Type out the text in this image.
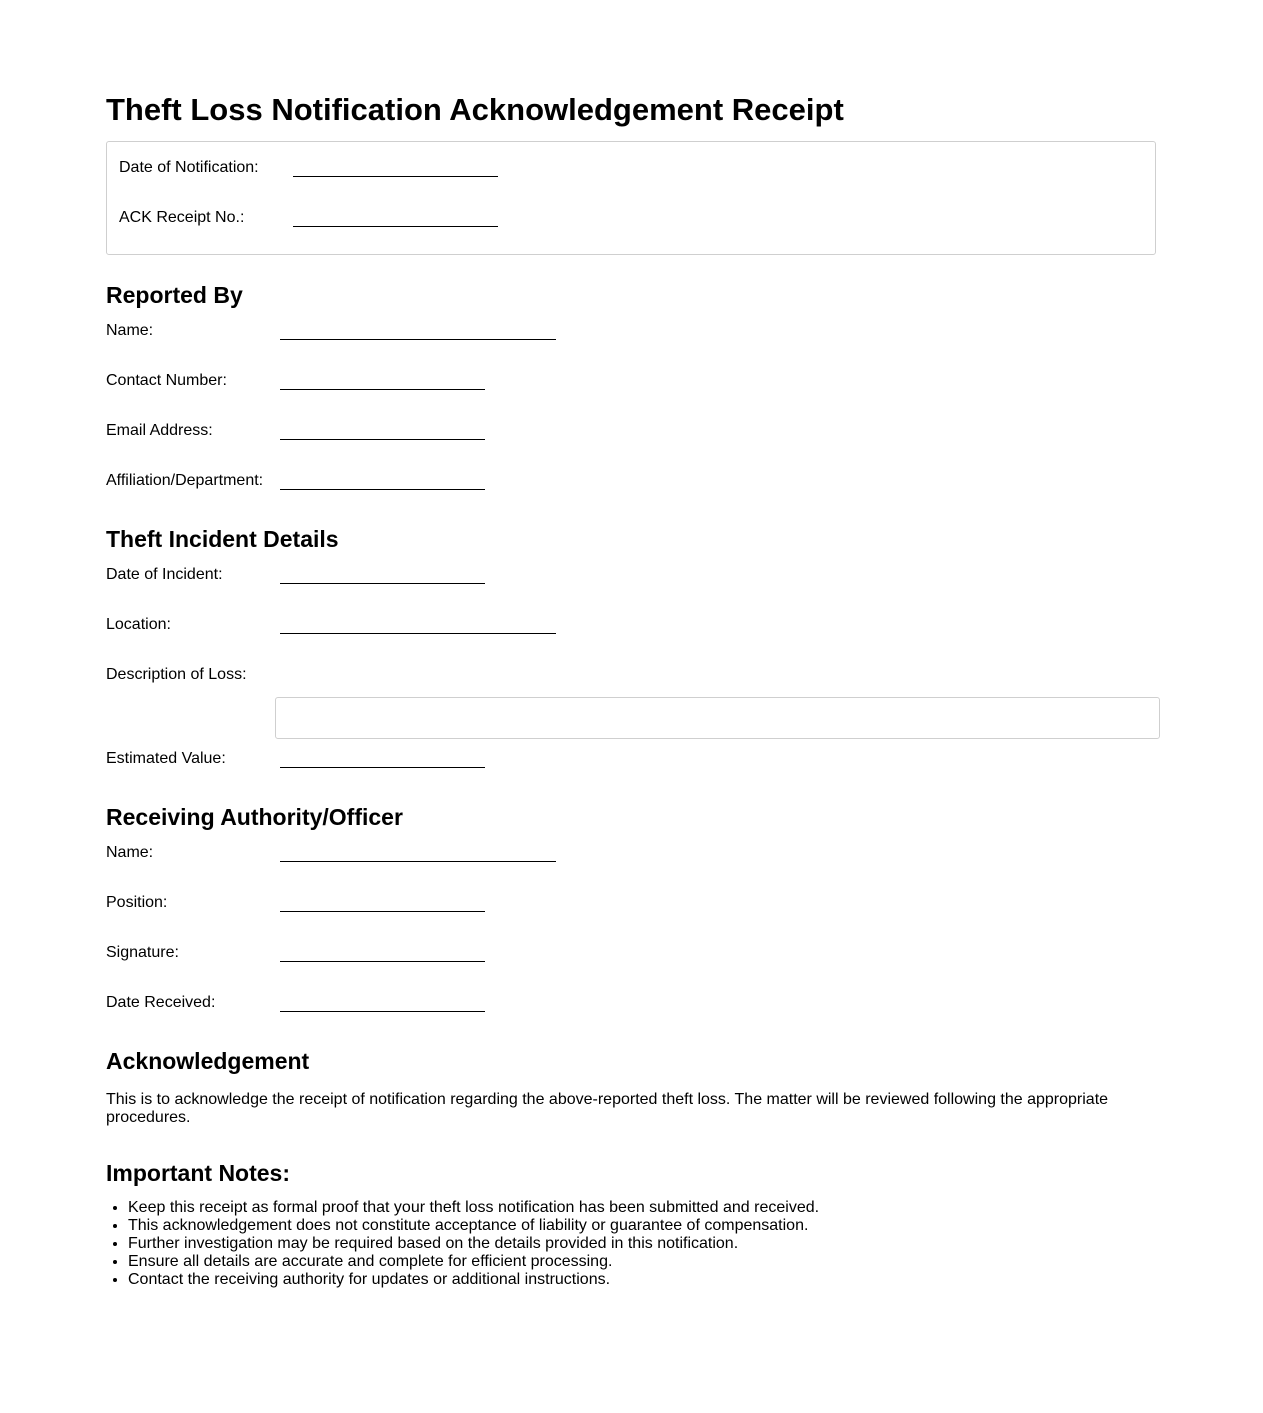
Theft Loss Notification Acknowledgement Receipt
Date of Notification:
ACK Receipt No.:
Reported By
Name:
Contact Number:
Email Address:
Affiliation/Department:
Theft Incident Details
Date of Incident:
Location:
Description of Loss:
Estimated Value:
Receiving Authority/Officer
Name:
Position:
Signature:
Date Received:
Acknowledgement

This is to acknowledge the receipt of notification regarding the above-reported theft loss. The matter will be reviewed following the appropriate procedures.

Important Notes:
• Keep this receipt as formal proof that your theft loss notification has been submitted and received.
• This acknowledgement does not constitute acceptance of liability or guarantee of compensation.
• Further investigation may be required based on the details provided in this notification.
• Ensure all details are accurate and complete for efficient processing.
• Contact the receiving authority for updates or additional instructions.
